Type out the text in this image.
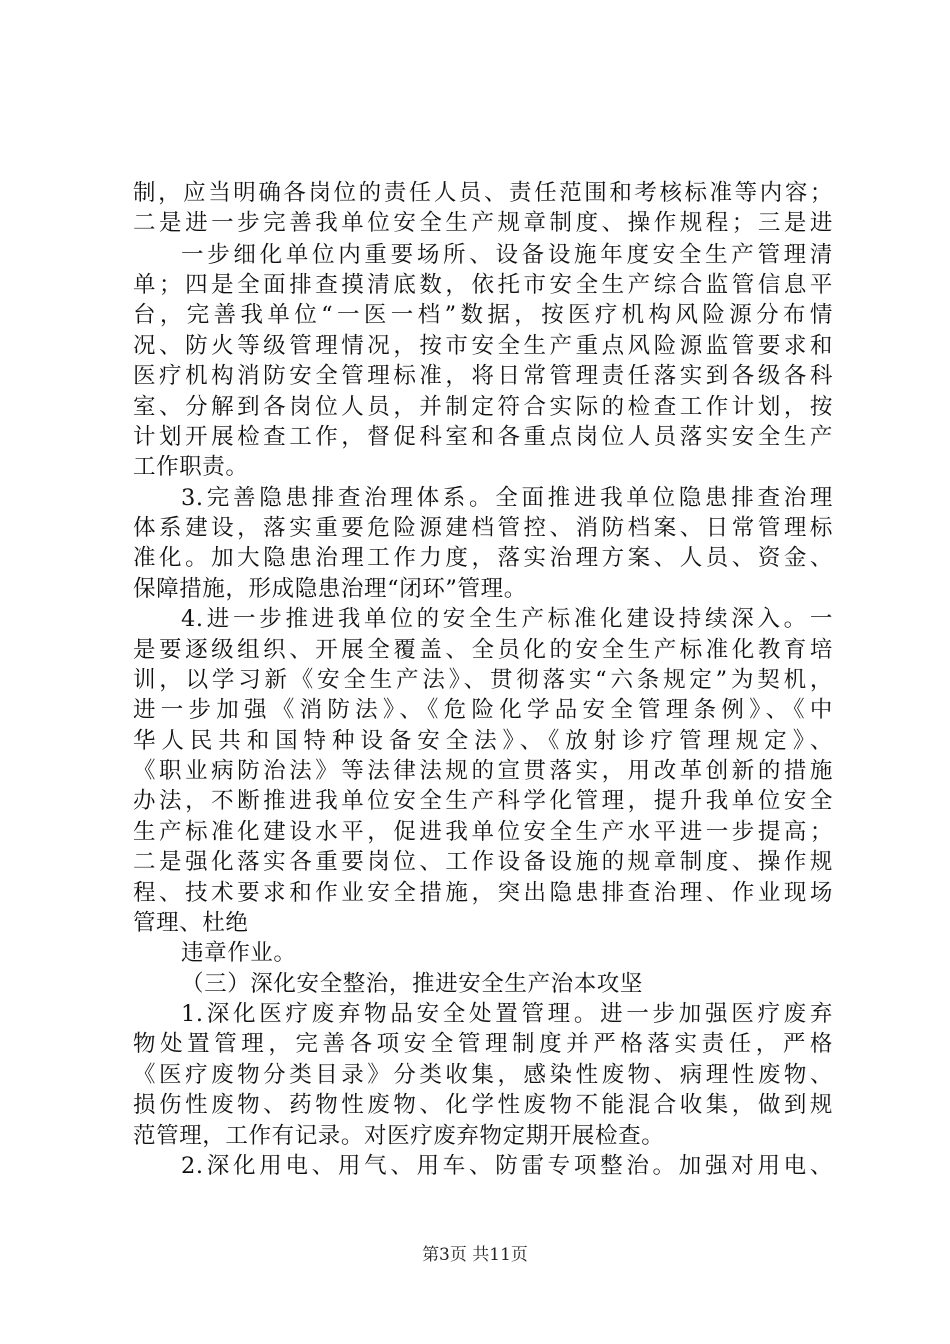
制，应当明确各岗位的责任人员、责任范围和考核标准等内容；
二是进一步完善我单位安全生产规章制度、操作规程；三是进
一步细化单位内重要场所、设备设施年度安全生产管理清
单；四是全面排查摸清底数，依托市安全生产综合监管信息平
台，完善我单位“一医一档”数据，按医疗机构风险源分布情
况、防火等级管理情况，按市安全生产重点风险源监管要求和
医疗机构消防安全管理标准，将日常管理责任落实到各级各科
室、分解到各岗位人员，并制定符合实际的检查工作计划，按
计划开展检查工作，督促科室和各重点岗位人员落实安全生产
工作职责。
3.完善隐患排查治理体系。全面推进我单位隐患排查治理
体系建设，落实重要危险源建档管控、消防档案、日常管理标
准化。加大隐患治理工作力度，落实治理方案、人员、资金、
保障措施，形成隐患治理“闭环”管理。
4.进一步推进我单位的安全生产标准化建设持续深入。一
是要逐级组织、开展全覆盖、全员化的安全生产标准化教育培
训，以学习新《安全生产法》、贯彻落实“六条规定”为契机，
进一步加强《消防法》、《危险化学品安全管理条例》、《中
华人民共和国特种设备安全法》、《放射诊疗管理规定》、
《职业病防治法》等法律法规的宣贯落实，用改革创新的措施
办法，不断推进我单位安全生产科学化管理，提升我单位安全
生产标准化建设水平，促进我单位安全生产水平进一步提高；
二是强化落实各重要岗位、工作设备设施的规章制度、操作规
程、技术要求和作业安全措施，突出隐患排查治理、作业现场
管理、杜绝
违章作业。
（三）深化安全整治，推进安全生产治本攻坚
1.深化医疗废弃物品安全处置管理。进一步加强医疗废弃
物处置管理，完善各项安全管理制度并严格落实责任，严格
《医疗废物分类目录》分类收集，感染性废物、病理性废物、
损伤性废物、药物性废物、化学性废物不能混合收集，做到规
范管理，工作有记录。对医疗废弃物定期开展检查。
2.深化用电、用气、用车、防雷专项整治。加强对用电、
第3页 共11页
